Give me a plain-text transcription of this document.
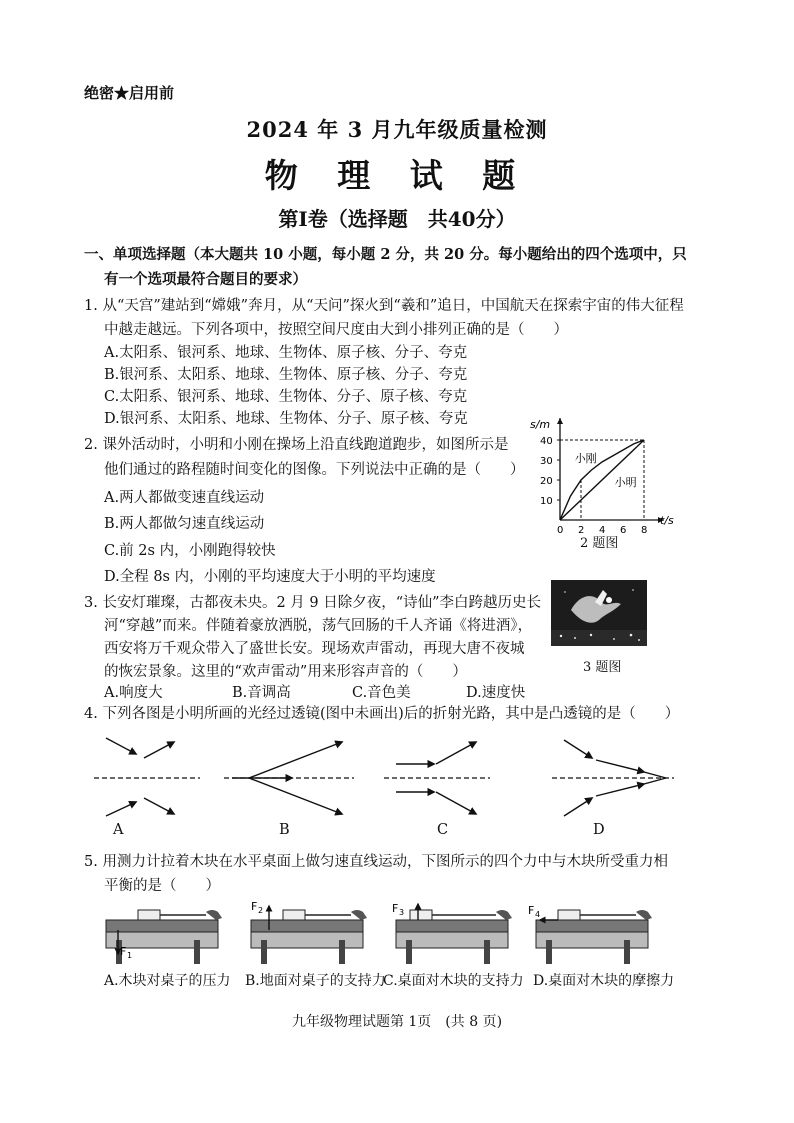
绝密★启用前
2024 年 3 月九年级质量检测
物 理 试 题
第Ⅰ卷（选择题　共40分）
一、单项选择题（本大题共 10 小题，每小题 2 分，共 20 分。每小题给出的四个选项中，只
有一个选项最符合题目的要求）
1. 从“天宫”建站到“嫦娥”奔月，从“天问”探火到“羲和”追日，中国航天在探索宇宙的伟大征程
中越走越远。下列各项中，按照空间尺度由大到小排列正确的是（　　）
A.太阳系、银河系、地球、生物体、原子核、分子、夸克
B.银河系、太阳系、地球、生物体、原子核、分子、夸克
C.太阳系、银河系、地球、生物体、分子、原子核、夸克
D.银河系、太阳系、地球、生物体、分子、原子核、夸克
2. 课外活动时，小明和小刚在操场上沿直线跑道跑步，如图所示是
他们通过的路程随时间变化的图像。下列说法中正确的是（　　）
A.两人都做变速直线运动
B.两人都做匀速直线运动
C.前 2s 内，小刚跑得较快
D.全程 8s 内，小刚的平均速度大于小明的平均速度
t/s
s/m
小刚
小明
0 2 4 6 8
10
20
30
40
2 题图
3. 长安灯璀璨，古都夜未央。2 月 9 日除夕夜，“诗仙”李白跨越历史长
河“穿越”而来。伴随着豪放洒脱，荡气回肠的千人齐诵《将进酒》，
西安将万千观众带入了盛世长安。现场欢声雷动，再现大唐不夜城
的恢宏景象。这里的“欢声雷动”用来形容声音的（　　）
A.响度大	B.音调高	C.音色美	D.速度快
3 题图
4. 下列各图是小明所画的光经过透镜(图中未画出)后的折射光路，其中是凸透镜的是（　　）
A	B	C	D
5. 用测力计拉着木块在水平桌面上做匀速直线运动，下图所示的四个力中与木块所受重力相
平衡的是（　　）
F 1
F 2	F 3	F 4
A.木块对桌子的压力 B.地面对桌子的支持力
C.桌面对木块的支持力 D.桌面对木块的摩擦力
九年级物理试题第 1页　(共 8 页)
